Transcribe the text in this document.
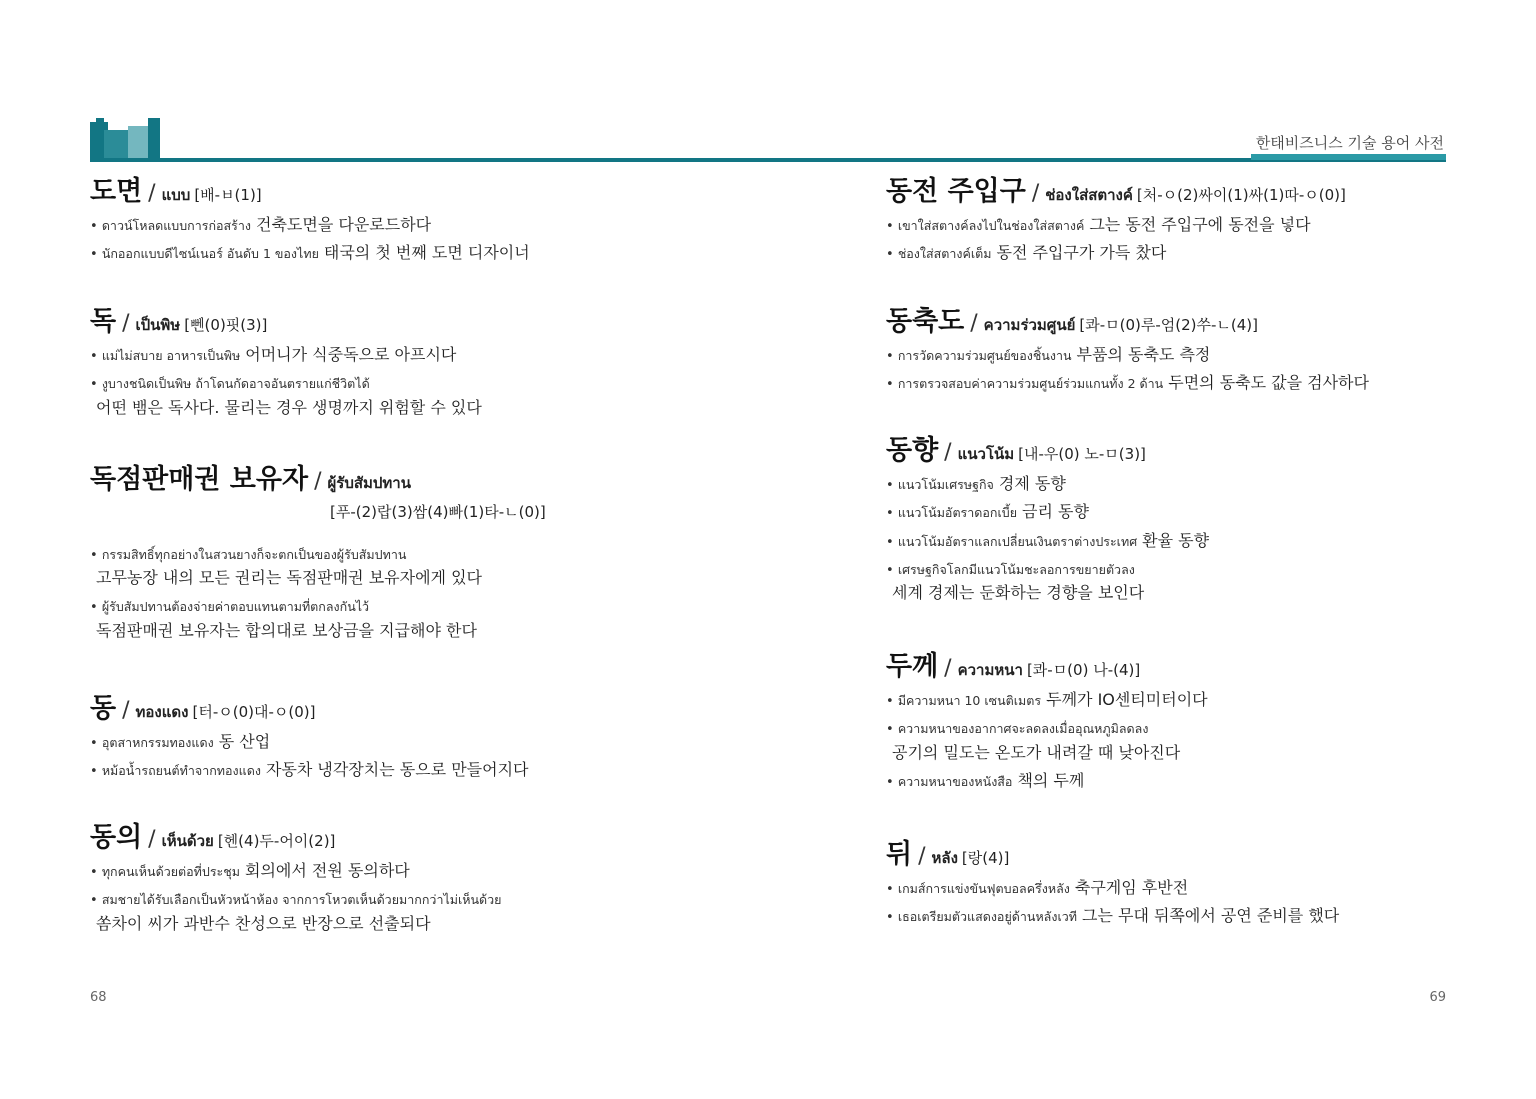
도면 / แบบ [배-ㅂ(1)]
• ดาวน์โหลดแบบการก่อสร้าง 건축도면을 다운로드하다
• นักออกแบบดีไซน์เนอร์ อันดับ 1 ของไทย 태국의 첫 번째 도면 디자이너
독 / เป็นพิษ [뻰(0)핏(3)]
• แม่ไม่สบาย อาหารเป็นพิษ 어머니가 식중독으로 아프시다
• งูบางชนิดเป็นพิษ ถ้าโดนกัดอาจอันตรายแก่ชีวิตได้
어떤 뱀은 독사다. 물리는 경우 생명까지 위험할 수 있다
독점판매권 보유자 / ผู้รับสัมปทาน
[푸-(2)랍(3)쌈(4)빠(1)타-ㄴ(0)]
• กรรมสิทธิ์ทุกอย่างในสวนยางก็จะตกเป็นของผู้รับสัมปทาน
고무농장 내의 모든 권리는 독점판매권 보유자에게 있다
• ผู้รับสัมปทานต้องจ่ายค่าตอบแทนตามที่ตกลงกันไว้
독점판매권 보유자는 합의대로 보상금을 지급해야 한다
동 / ทองแดง [터-ㅇ(0)대-ㅇ(0)]
• อุตสาหกรรมทองแดง 동 산업
• หม้อน้ำรถยนต์ทำจากทองแดง 자동차 냉각장치는 동으로 만들어지다
동의 / เห็นด้วย [헨(4)두-어이(2)]
• ทุกคนเห็นด้วยต่อที่ประชุม 회의에서 전원 동의하다
• สมชายได้รับเลือกเป็นหัวหน้าห้อง จากการโหวตเห็นด้วยมากกว่าไม่เห็นด้วย
쏨차이 씨가 과반수 찬성으로 반장으로 선출되다
68
한태비즈니스 기술 용어 사전
동전 주입구 / ช่องใส่สตางค์ [처-ㅇ(2)싸이(1)싸(1)따-ㅇ(0)]
• เขาใส่สตางค์ลงไปในช่องใส่สตางค์ 그는 동전 주입구에 동전을 넣다
• ช่องใส่สตางค์เต็ม 동전 주입구가 가득 찼다
동축도 / ความร่วมศูนย์ [콰-ㅁ(0)루-엄(2)쑤-ㄴ(4)]
• การวัดความร่วมศูนย์ของชิ้นงาน 부품의 동축도 측정
• การตรวจสอบค่าความร่วมศูนย์ร่วมแกนทั้ง 2 ด้าน 두면의 동축도 값을 검사하다
동향 / แนวโน้ม [내-우(0) 노-ㅁ(3)]
• แนวโน้มเศรษฐกิจ 경제 동향
• แนวโน้มอัตราดอกเบี้ย 금리 동향
• แนวโน้มอัตราแลกเปลี่ยนเงินตราต่างประเทศ 환율 동향
• เศรษฐกิจโลกมีแนวโน้มชะลอการขยายตัวลง
세계 경제는 둔화하는 경향을 보인다
두께 / ความหนา [콰-ㅁ(0) 나-(4)]
• มีความหนา 10 เซนติเมตร 두께가 IO센티미터이다
• ความหนาของอากาศจะลดลงเมื่ออุณหภูมิลดลง
공기의 밀도는 온도가 내려갈 때 낮아진다
• ความหนาของหนังสือ 책의 두께
뒤 / หลัง [랑(4)]
• เกมส์การแข่งขันฟุตบอลครึ่งหลัง 축구게임 후반전
• เธอเตรียมตัวแสดงอยู่ด้านหลังเวที 그는 무대 뒤쪽에서 공연 준비를 했다
69
